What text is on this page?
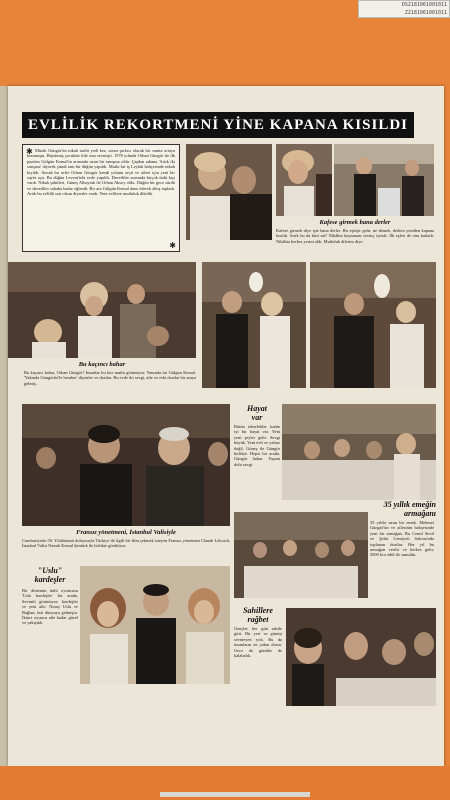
DS2181061001011
Z2181061001011
EVLİLİK REKORTMENİ YİNE KAPANA KISILDI
✱ Müzik Güngör'ün nikah tarihi yedi kez, sonra şarkıcı olarak bir camia ortaya konmuştu. Büyümüş çocuklar bile onu sevmişti. 1970 yılında Orhan Güngör ile ilk pazılan Gülgün Kemal'in arasında uzun bir tanışma oldu. Çapkın adama 'Artık iki sarışına' diyerek şimdi tam bir düğün yapıldı. Mutlu bir iş Leylak bahçesinde nikah kıyıldı. Ancak bu sefer Orhan Güngör kendi yolunu seçti ve ailesi için yeni bir sayfa açtı. Bu düğün Levent'teki evde yapıldı. Davetliler arasında birçok ünlü kişi vardı. Nikah şahitleri, Güneş Albayrak ile Orhan Aksoy oldu. Düğün bir gece sürdü ve davetliler sabaha kadar eğlendi. Bir ara Gülgün Kemal dans ederek alkış topladı. Artık bu evlilik son olsun diyenler vardı. Yeni evlilere mutluluk diledik.

✱
Kafese girmek bana derler

Kafese girmek diye işte bana derler. Bir eşleşir gelir, ne demek, derken yeniden kapana kısıldı. Artık bu da bitti mi? Nikâhta kaynanası sevinç içinde. İlk eşleri de onu kutladı. Nikâhta herkes yerini aldı. Mutluluk dilerim diye.

Bu kaçıncı bahar

Bu kaçıncı bahar, Orhan Güngör? İnsanlar bu kez mutlu görünüyor. Yanında ise Gülgün Kemal. 'Yakında Güngörler'le beraber' diyenler ve dostlar. Bu evde iki sevgi, aile ve eski dostlar bir araya gelmiş.

Fransız yönetmeni, İstanbul Valisiyle

Cumhuriyetin 50. Yıldönümü dolayısıyla Türkiye ile ilgili bir film çekmek isteyen Fransız yönetmen Claude Lelouch, İstanbul Valisi Namık Kemal Şentürk ile birlikte görülüyor.

Hayat
var

Bütün tekerlekler kadar iyi bir hayat var. Yeni yeni şeyler gelir. Sevgi büyük. Yeni evli ve yalnız değil. Güneş ile Güngör birlikte. Hepsi bir arada. Güngör bahar. Yaşam dolu sevgi.

35 yıllık emeğin
armağanı

35 yıldır uzun bir emek. Mehmet Güngör'ün ve ailesinin bahçesinde yeni bir armağan. Bu Cemil Sevil ve Şehir Cemiyeti Salonu'nda toplanan dostlar. Her yıl bu armağan verilir ve herkes gelir, 5000 lira ödül ile sunuldu.

"Uslu"
kardeşler

Bir dönemin ünlü oyuncusu 'Uslu kardeşler' bir arada. Sevimli görünüyor, kardeşler ve yeni aile. Nuray Uslu ve Bağlan, biri dünyaya gelmiştir. İkinci oyuncu aile kadar güzel ve yakışıklı.

Sahillere
rağbet

Gençler her gün sahile gitti. Bir yeri ve güneşi sevmeyen yok. Bu da insanların en yakın dostu. Gece de gündüz de kalabalık.
